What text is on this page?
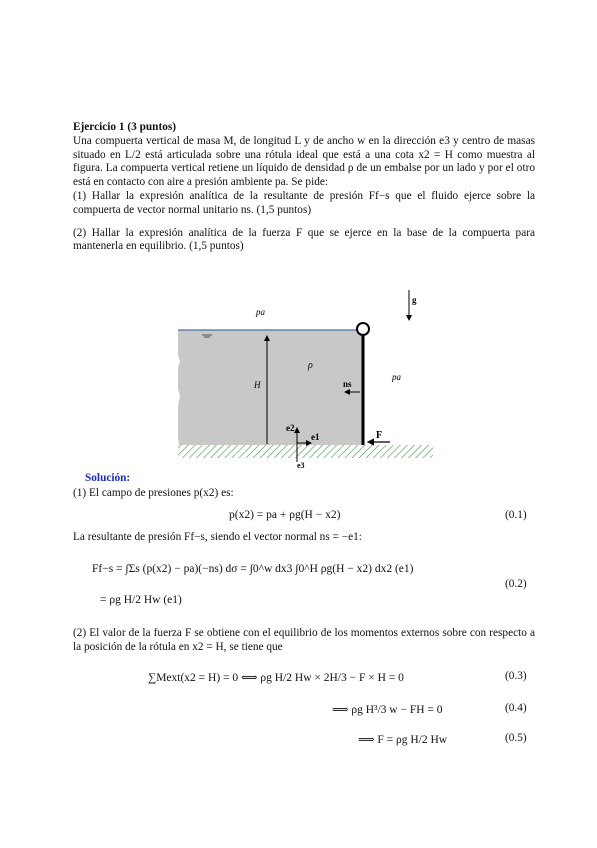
Ejercicio 1 (3 puntos)

Una compuerta vertical de masa M, de longitud L y de ancho w en la dirección e3 y centro de masas situado en L/2 está articulada sobre una rótula ideal que está a una cota x2 = H como muestra al figura. La compuerta vertical retiene un líquido de densidad ρ de un embalse por un lado y por el otro está en contacto con aire a presión ambiente pa. Se pide:

(1) Hallar la expresión analítica de la resultante de presión Ff−s que el fluido ejerce sobre la compuerta de vector normal unitario ns. (1,5 puntos)

(2) Hallar la expresión analítica de la fuerza F que se ejerce en la base de la compuerta para mantenerla en equilibrio. (1,5 puntos)

pa
ρ
H	ns
pa
g
e2
e1
e3
F
Solución:

(1) El campo de presiones p(x2) es:

p(x2) = pa + ρg(H − x2)	(0.1)

La resultante de presión Ff−s, siendo el vector normal ns = −e1:

Ff−s = ∫Σs (p(x2) − pa)(−ns) dσ = ∫0^w dx3 ∫0^H ρg(H − x2) dx2 (e1)
= ρg H/2 Hw (e1)
(0.2)

(2) El valor de la fuerza F se obtiene con el equilibrio de los momentos externos sobre con respecto a la posición de la rótula en x2 = H, se tiene que

∑Mext(x2 = H) = 0 ⟺ ρg H/2 Hw × 2H/3 − F × H = 0	(0.3)
⟹ ρg H³/3 w − FH = 0	(0.4)
⟹ F = ρg H/2 Hw	(0.5)
